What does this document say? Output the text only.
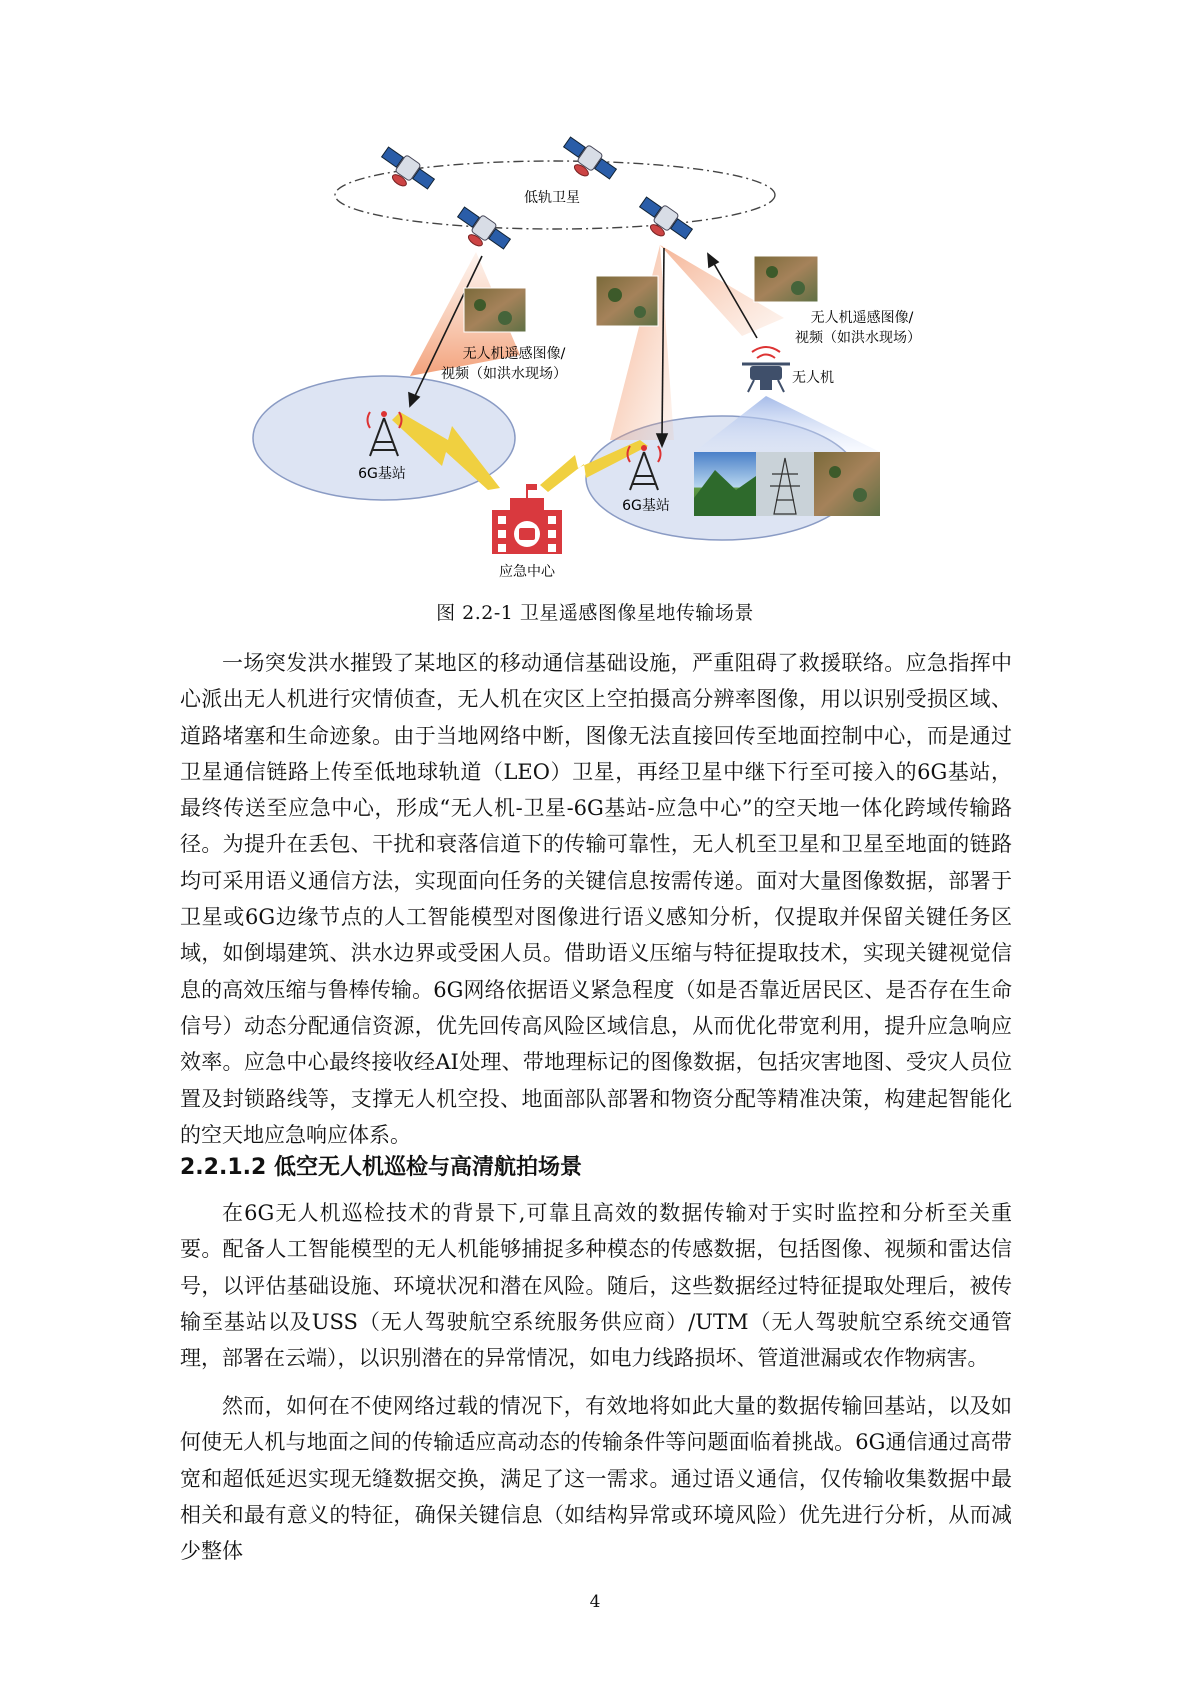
低轨卫星
无人机遥感图像/
视频（如洪水现场）
无人机遥感图像/
视频（如洪水现场）
无人机
6G基站
6G基站
应急中心
图 2.2-1 卫星遥感图像星地传输场景

一场突发洪水摧毁了某地区的移动通信基础设施，严重阻碍了救援联络。应急指挥中心派出无人机进行灾情侦查，无人机在灾区上空拍摄高分辨率图像，用以识别受损区域、道路堵塞和生命迹象。由于当地网络中断，图像无法直接回传至地面控制中心，而是通过卫星通信链路上传至低地球轨道（LEO）卫星，再经卫星中继下行至可接入的6G基站，最终传送至应急中心，形成“无人机-卫星-6G基站-应急中心”的空天地一体化跨域传输路径。为提升在丢包、干扰和衰落信道下的传输可靠性，无人机至卫星和卫星至地面的链路均可采用语义通信方法，实现面向任务的关键信息按需传递。面对大量图像数据，部署于卫星或6G边缘节点的人工智能模型对图像进行语义感知分析，仅提取并保留关键任务区域，如倒塌建筑、洪水边界或受困人员。借助语义压缩与特征提取技术，实现关键视觉信息的高效压缩与鲁棒传输。6G网络依据语义紧急程度（如是否靠近居民区、是否存在生命信号）动态分配通信资源，优先回传高风险区域信息，从而优化带宽利用，提升应急响应效率。应急中心最终接收经AI处理、带地理标记的图像数据，包括灾害地图、受灾人员位置及封锁路线等，支撑无人机空投、地面部队部署和物资分配等精准决策，构建起智能化的空天地应急响应体系。

2.2.1.2 低空无人机巡检与高清航拍场景

在6G无人机巡检技术的背景下,可靠且高效的数据传输对于实时监控和分析至关重要。配备人工智能模型的无人机能够捕捉多种模态的传感数据，包括图像、视频和雷达信号，以评估基础设施、环境状况和潜在风险。随后，这些数据经过特征提取处理后，被传输至基站以及USS（无人驾驶航空系统服务供应商）/UTM（无人驾驶航空系统交通管理，部署在云端），以识别潜在的异常情况，如电力线路损坏、管道泄漏或农作物病害。

然而，如何在不使网络过载的情况下，有效地将如此大量的数据传输回基站，以及如何使无人机与地面之间的传输适应高动态的传输条件等问题面临着挑战。6G通信通过高带宽和超低延迟实现无缝数据交换，满足了这一需求。通过语义通信，仅传输收集数据中最相关和最有意义的特征，确保关键信息（如结构异常或环境风险）优先进行分析，从而减少整体

4
